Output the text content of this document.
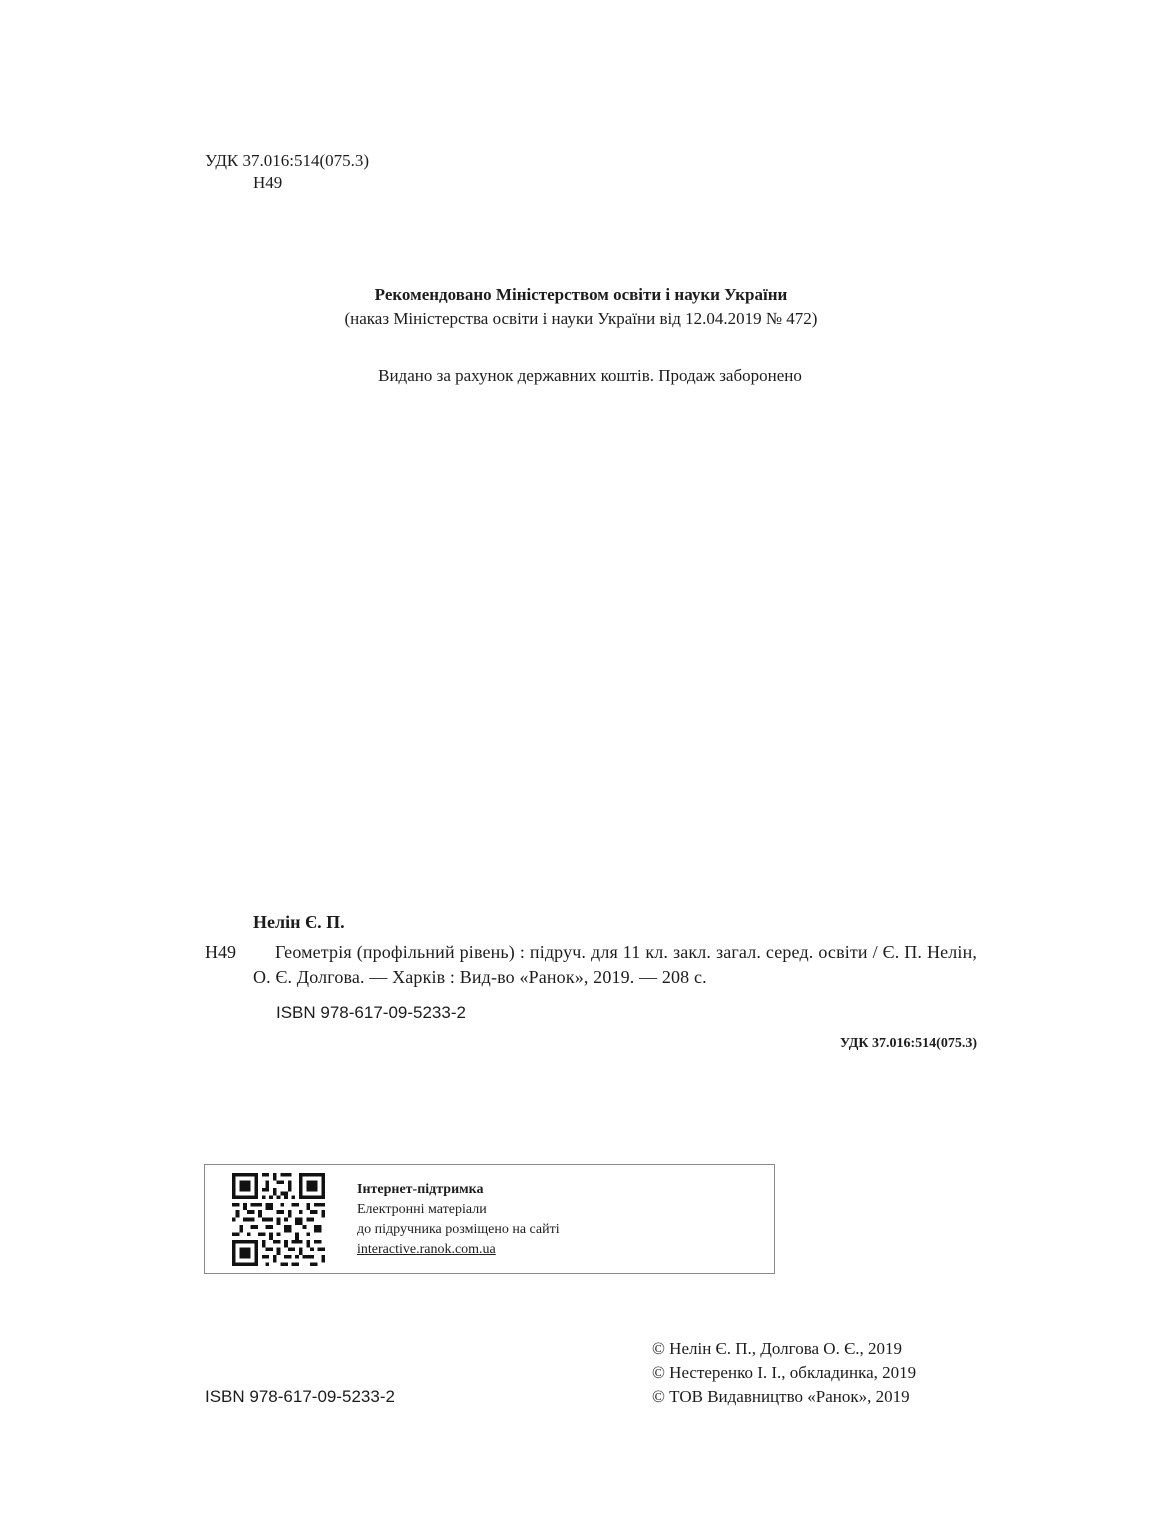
УДК 37.016:514(075.3)
Н49
Рекомендовано Міністерством освіти і науки України
(наказ Міністерства освіти і науки України від 12.04.2019 № 472)
Видано за рахунок державних коштів. Продаж заборонено
Нелін Є. П.
Н49	Геометрія (профільний рівень) : підруч. для 11 кл. закл. загал. серед. освіти / Є. П. Нелін, О. Є. Долгова. — Харків : Вид-во «Ранок», 2019. — 208 с.
ISBN 978-617-09-5233-2
УДК 37.016:514(075.3)
Інтернет-підтримка
Електронні матеріали
до підручника розміщено на сайті
interactive.ranok.com.ua
ISBN 978-617-09-5233-2
© Нелін Є. П., Долгова О. Є., 2019
© Нестеренко І. І., обкладинка, 2019
© ТОВ Видавництво «Ранок», 2019
